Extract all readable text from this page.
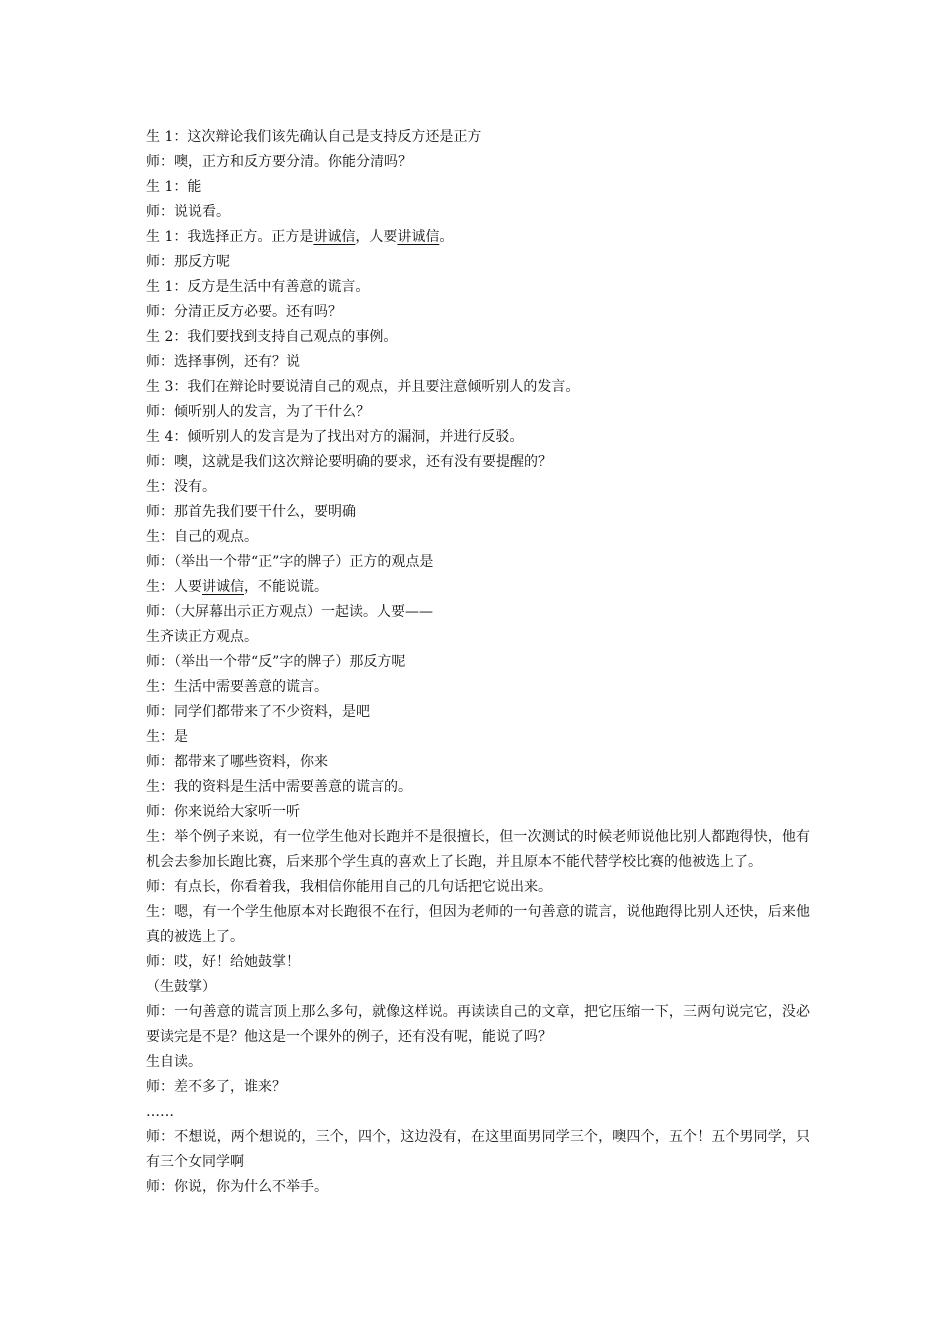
生 1：这次辩论我们该先确认自己是支持反方还是正方

师：噢，正方和反方要分清。你能分清吗？

生 1：能

师：说说看。

生 1：我选择正方。正方是讲诚信，人要讲诚信。

师：那反方呢

生 1：反方是生活中有善意的谎言。

师：分清正反方必要。还有吗？

生 2：我们要找到支持自己观点的事例。

师：选择事例，还有？说

生 3：我们在辩论时要说清自己的观点，并且要注意倾听别人的发言。

师：倾听别人的发言，为了干什么？

生 4：倾听别人的发言是为了找出对方的漏洞，并进行反驳。

师：噢，这就是我们这次辩论要明确的要求，还有没有要提醒的？

生：没有。

师：那首先我们要干什么，要明确

生：自己的观点。

师：（举出一个带“正”字的牌子）正方的观点是

生：人要讲诚信，不能说谎。

师：（大屏幕出示正方观点）一起读。人要——

生齐读正方观点。

师：（举出一个带“反”字的牌子）那反方呢

生：生活中需要善意的谎言。

师：同学们都带来了不少资料，是吧

生：是

师：都带来了哪些资料，你来

生：我的资料是生活中需要善意的谎言的。

师：你来说给大家听一听

生：举个例子来说，有一位学生他对长跑并不是很擅长，但一次测试的时候老师说他比别人都跑得快，他有机会去参加长跑比赛，后来那个学生真的喜欢上了长跑，并且原本不能代替学校比赛的他被选上了。

师：有点长，你看着我，我相信你能用自己的几句话把它说出来。

生：嗯，有一个学生他原本对长跑很不在行，但因为老师的一句善意的谎言，说他跑得比别人还快，后来他真的被选上了。

师：哎，好！给她鼓掌！

（生鼓掌）

师：一句善意的谎言顶上那么多句，就像这样说。再读读自己的文章，把它压缩一下，三两句说完它，没必要读完是不是？他这是一个课外的例子，还有没有呢，能说了吗？

生自读。

师：差不多了，谁来？

……

师：不想说，两个想说的，三个，四个，这边没有，在这里面男同学三个，噢四个，五个！五个男同学，只有三个女同学啊

师：你说，你为什么不举手。
